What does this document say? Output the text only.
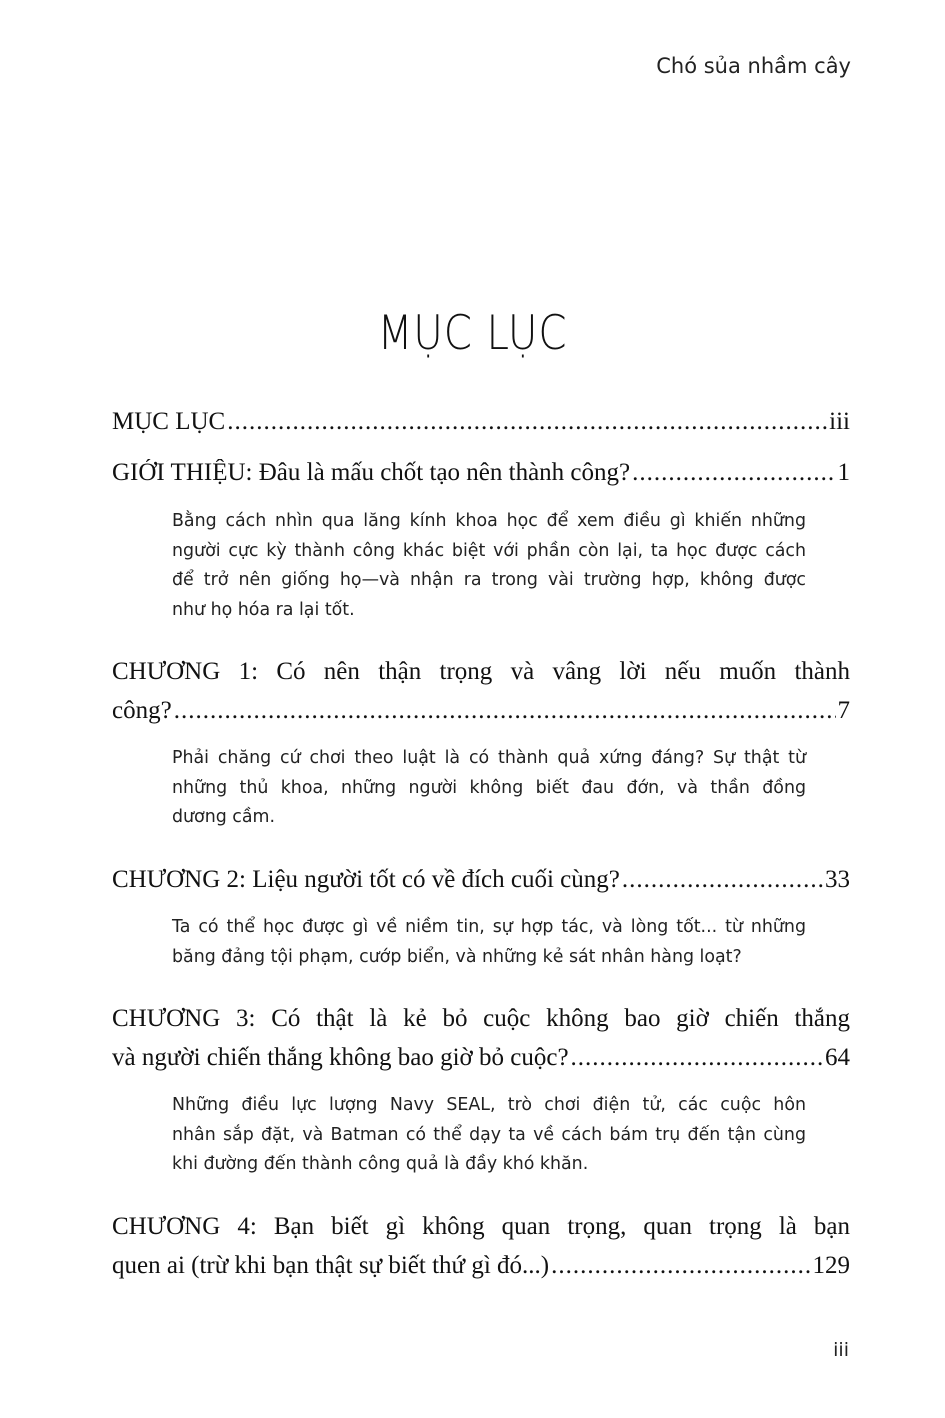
Chó sủa nhầm cây
MỤC LỤC
MỤC LỤC .....	iii
GIỚI THIỆU: Đâu là mấu chốt tạo nên thành công? .....	1
Bằng cách nhìn qua lăng kính khoa học để xem điều gì khiến những
người cực kỳ thành công khác biệt với phần còn lại, ta học được cách
để trở nên giống họ—và nhận ra trong vài trường hợp, không được
như họ hóa ra lại tốt.
CHƯƠNG 1: Có nên thận trọng và vâng lời nếu muốn thành
công? .....	7
Phải chăng cứ chơi theo luật là có thành quả xứng đáng? Sự thật từ
những thủ khoa, những người không biết đau đớn, và thần đồng
dương cầm.
CHƯƠNG 2: Liệu người tốt có về đích cuối cùng? .....	33
Ta có thể học được gì về niềm tin, sự hợp tác, và lòng tốt... từ những
băng đảng tội phạm, cướp biển, và những kẻ sát nhân hàng loạt?
CHƯƠNG 3: Có thật là kẻ bỏ cuộc không bao giờ chiến thắng
và người chiến thắng không bao giờ bỏ cuộc? .....	64
Những điều lực lượng Navy SEAL, trò chơi điện tử, các cuộc hôn
nhân sắp đặt, và Batman có thể dạy ta về cách bám trụ đến tận cùng
khi đường đến thành công quả là đầy khó khăn.
CHƯƠNG 4: Bạn biết gì không quan trọng, quan trọng là bạn
quen ai (trừ khi bạn thật sự biết thứ gì đó...) .....	129
iii
